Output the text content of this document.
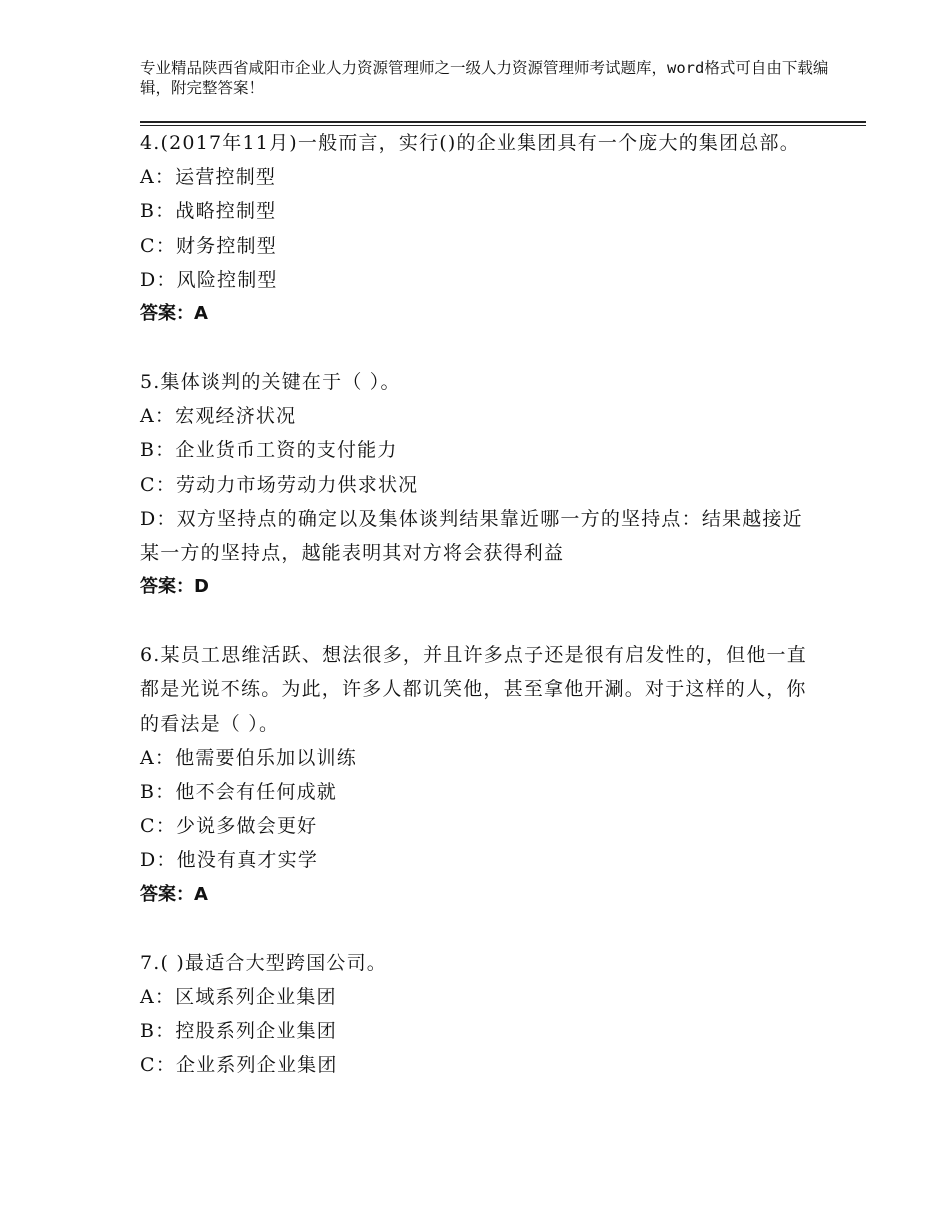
专业精品陕西省咸阳市企业人力资源管理师之一级人力资源管理师考试题库，word格式可自由下载编辑，附完整答案！

4.(2017年11月)一般而言，实行()的企业集团具有一个庞大的集团总部。

A：运营控制型

B：战略控制型

C：财务控制型

D：风险控制型

答案：A

5.集体谈判的关键在于（ ）。

A：宏观经济状况

B：企业货币工资的支付能力

C：劳动力市场劳动力供求状况

D：双方坚持点的确定以及集体谈判结果靠近哪一方的坚持点：结果越接近某一方的坚持点，越能表明其对方将会获得利益

答案：D

6.某员工思维活跃、想法很多，并且许多点子还是很有启发性的，但他一直都是光说不练。为此，许多人都讥笑他，甚至拿他开涮。对于这样的人，你的看法是（ ）。

A：他需要伯乐加以训练

B：他不会有任何成就

C：少说多做会更好

D：他没有真才实学

答案：A

7.( )最适合大型跨国公司。

A：区域系列企业集团

B：控股系列企业集团

C：企业系列企业集团
